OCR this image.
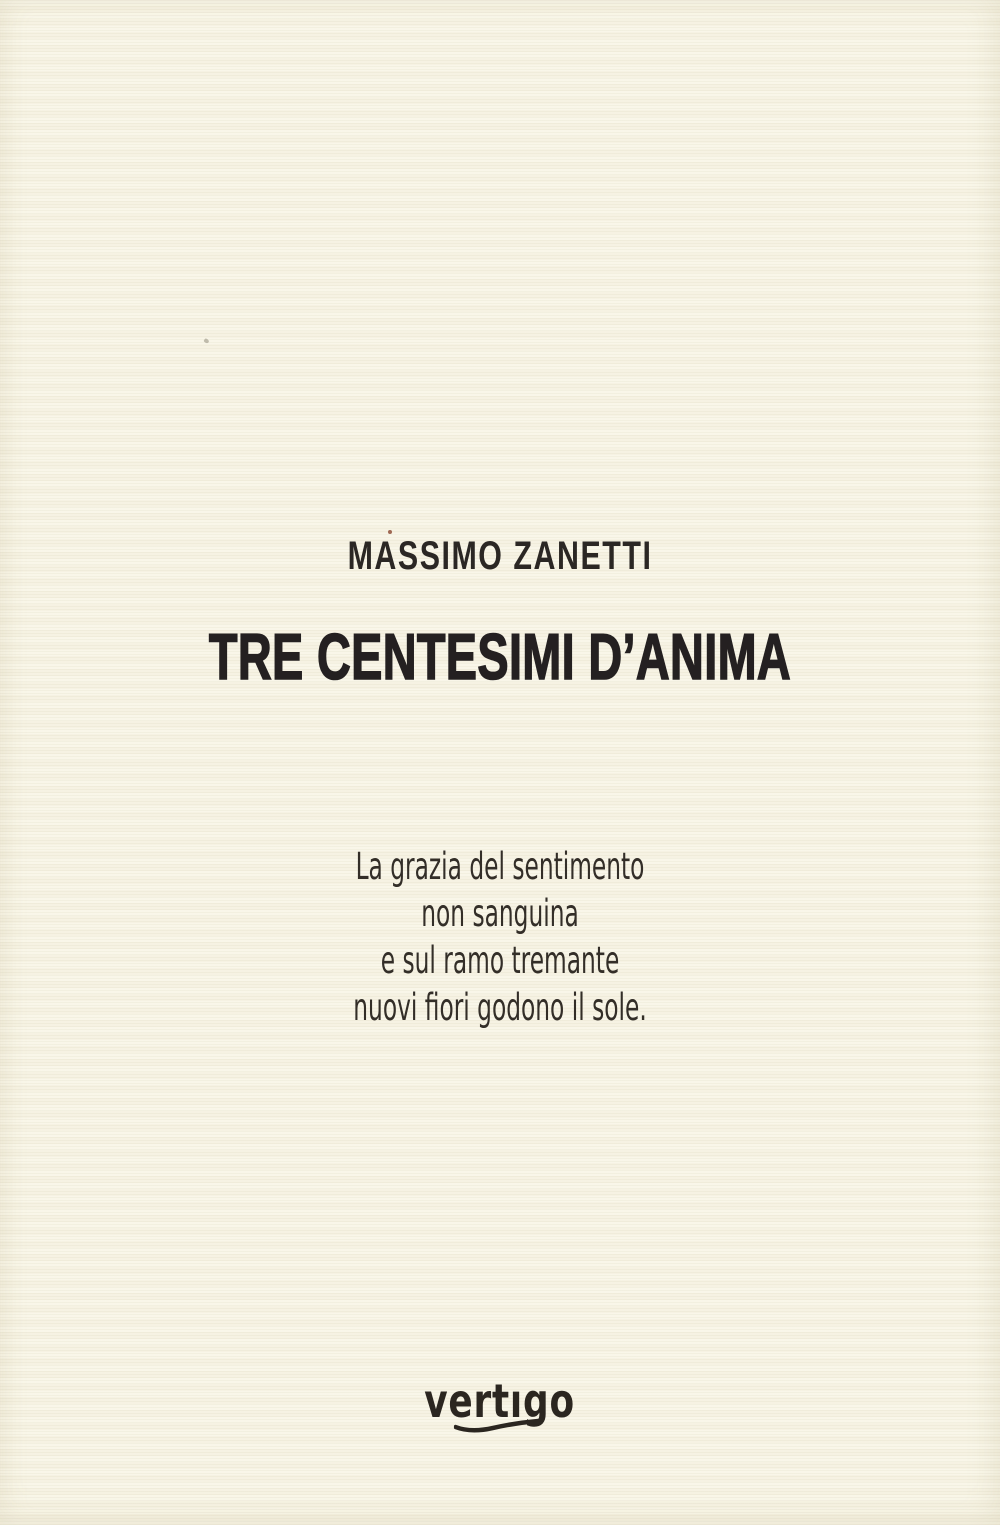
MASSIMO ZANETTI
TRE CENTESIMI D’ANIMA
La grazia del sentimento
non sanguina
e sul ramo tremante
nuovi fiori godono il sole.
vertıgo
